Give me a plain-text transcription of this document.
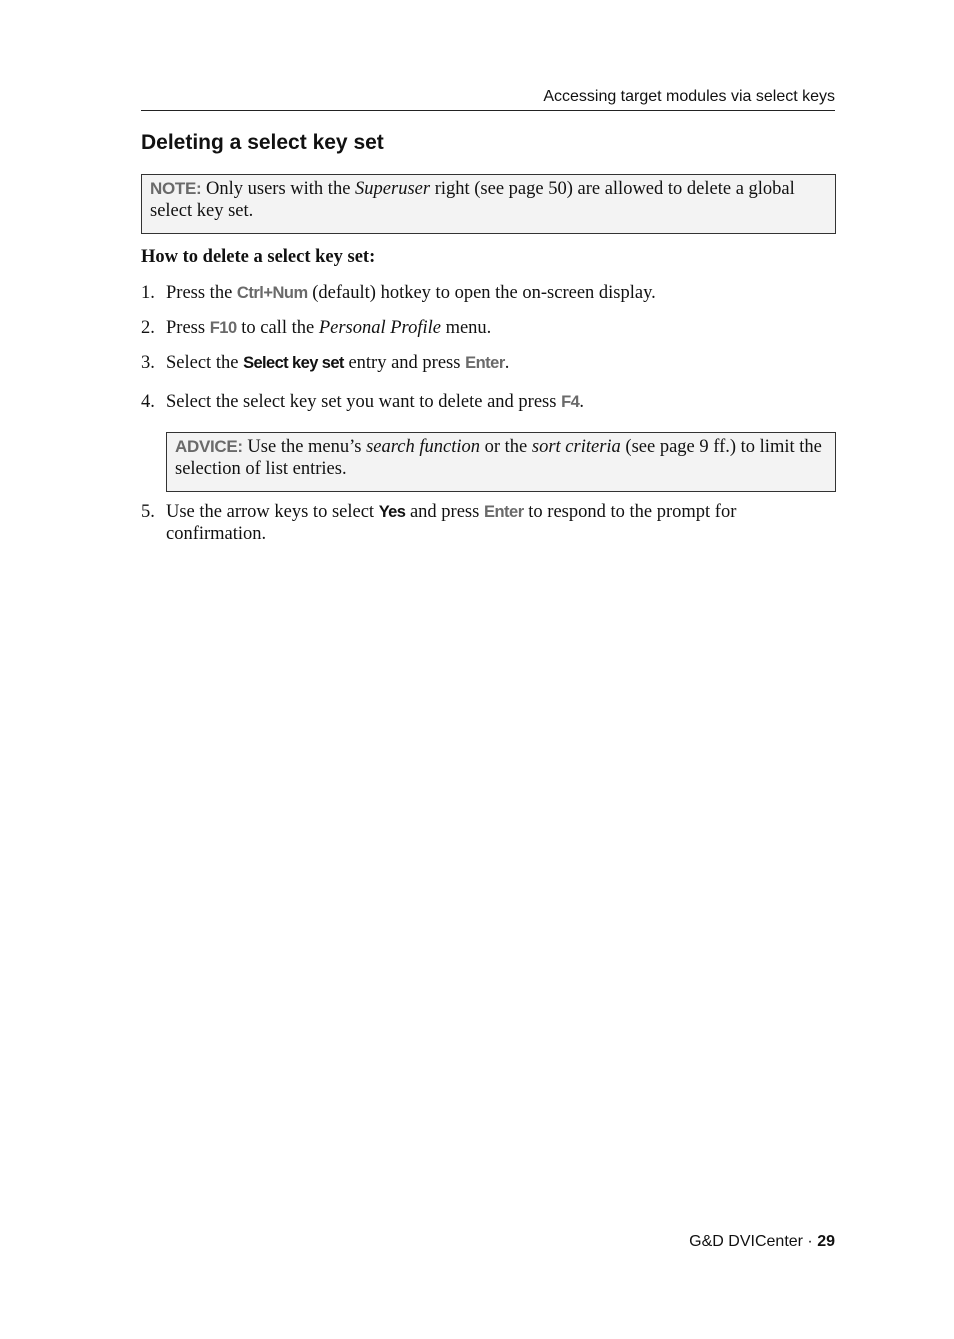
Accessing target modules via select keys
Deleting a select key set
NOTE: Only users with the Superuser right (see page 50) are allowed to delete a global select key set.
How to delete a select key set:
1. Press the Ctrl+Num (default) hotkey to open the on-screen display.
2. Press F10 to call the Personal Profile menu.
3. Select the Select key set entry and press Enter.
4. Select the select key set you want to delete and press F4.
ADVICE: Use the menu’s search function or the sort criteria (see page 9 ff.) to limit the selection of list entries.
5. Use the arrow keys to select Yes and press Enter to respond to the prompt for confirmation.
G&D DVICenter · 29
